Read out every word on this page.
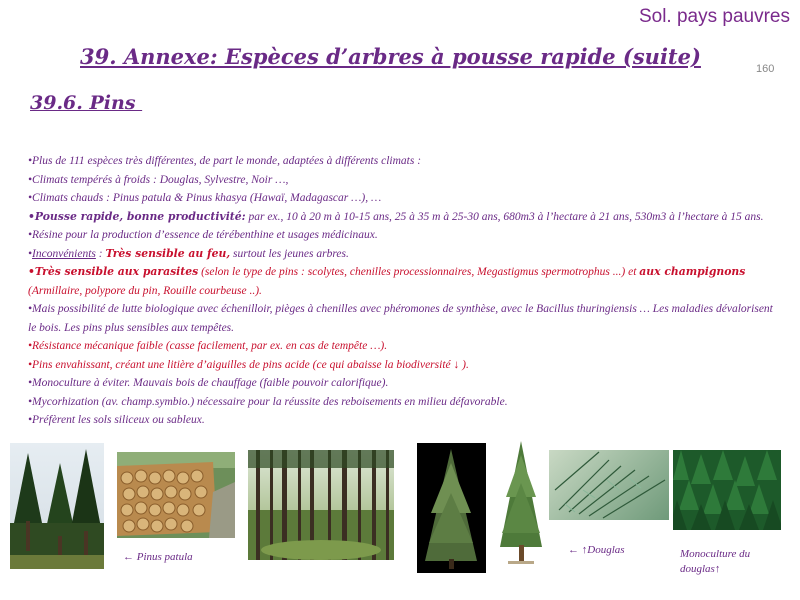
Sol. pays pauvres
39. Annexe: Espèces d’arbres à pousse rapide (suite)	160
39.6. Pins

•Plus de 111 espèces très différentes, de part le monde, adaptées à différents climats :

•Climats tempérés à froids : Douglas, Sylvestre, Noir …,

•Climats chauds : Pinus patula & Pinus khasya (Hawaï, Madagascar …), …

•Pousse rapide, bonne productivité: par ex., 10 à 20 m à 10-15 ans, 25 à 35 m à 25-30 ans, 680m3 à l’hectare à 21 ans, 530m3 à l’hectare à 15 ans.

•Résine pour la production d’essence de térébenthine et usages médicinaux.

•Inconvénients : Très sensible au feu, surtout les jeunes arbres.

•Très sensible aux parasites (selon le type de pins : scolytes, chenilles processionnaires, Megastigmus spermotrophus ...) et aux champignons (Armillaire, polypore du pin, Rouille courbeuse ..).

•Mais possibilité de lutte biologique avec échenilloir, pièges à chenilles avec phéromones de synthèse, avec le Bacillus thuringiensis … Les maladies dévalorisent le bois. Les pins plus sensibles aux tempêtes.

•Résistance mécanique faible (casse facilement, par ex. en cas de tempête …).

•Pins envahissant, créant une litière d’aiguilles de pins acide (ce qui abaisse la biodiversité ↓ ).

•Monoculture à éviter. Mauvais bois de chauffage (faible pouvoir calorifique).

•Mycorhization (av. champ.symbio.) nécessaire pour la réussite des reboisements en milieu défavorable.

•Préfèrent les sols siliceux ou sableux.

← Pinus patula
← ↑Douglas	Monoculture du
douglas↑
